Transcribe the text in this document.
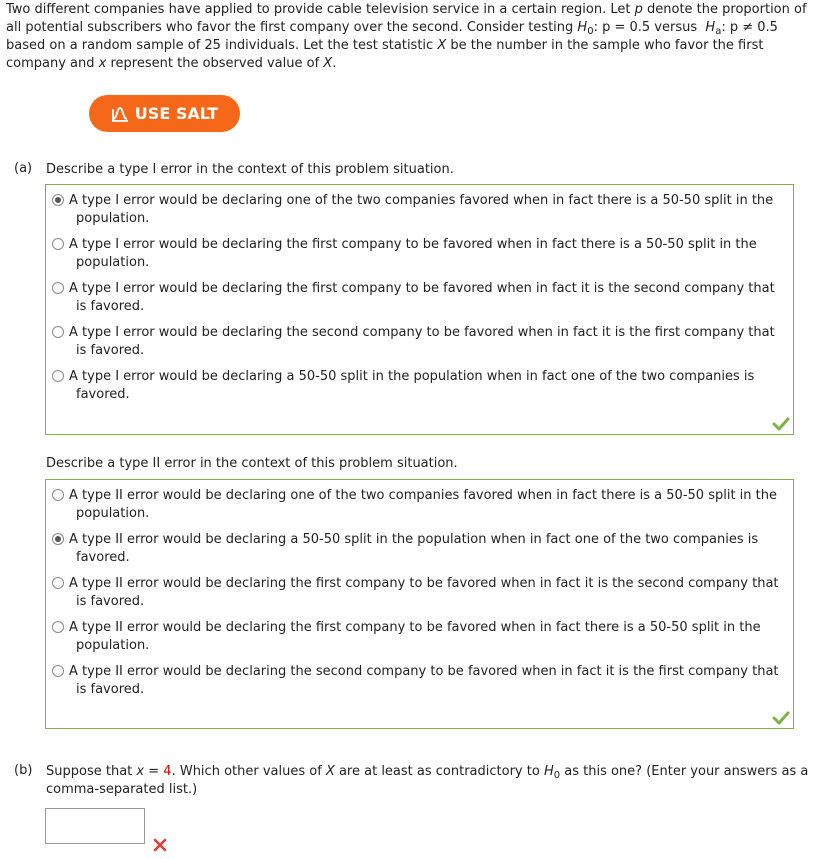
Two different companies have applied to provide cable television service in a certain region. Let p denote the proportion of all potential subscribers who favor the first company over the second. Consider testing $H_0$: p = 0.5 versus $H_a$: p ≠ 0.5 based on a random sample of 25 individuals. Let the test statistic X be the number in the sample who favor the first company and x represent the observed value of X.
USE SALT
(a)	Describe a type I error in the context of this problem situation.
A type I error would be declaring one of the two companies favored when in fact there is a 50-50 split in the
population.
A type I error would be declaring the first company to be favored when in fact there is a 50-50 split in the
population.
A type I error would be declaring the first company to be favored when in fact it is the second company that
is favored.
A type I error would be declaring the second company to be favored when in fact it is the first company that
is favored.
A type I error would be declaring a 50-50 split in the population when in fact one of the two companies is
favored.
Describe a type II error in the context of this problem situation.
A type II error would be declaring one of the two companies favored when in fact there is a 50-50 split in the
population.
A type II error would be declaring a 50-50 split in the population when in fact one of the two companies is
favored.
A type II error would be declaring the first company to be favored when in fact it is the second company that
is favored.
A type II error would be declaring the first company to be favored when in fact there is a 50-50 split in the
population.
A type II error would be declaring the second company to be favored when in fact it is the first company that
is favored.
(b)	Suppose that x = 4. Which other values of X are at least as contradictory to $H_0$ as this one? (Enter your answers as a comma-separated list.)
